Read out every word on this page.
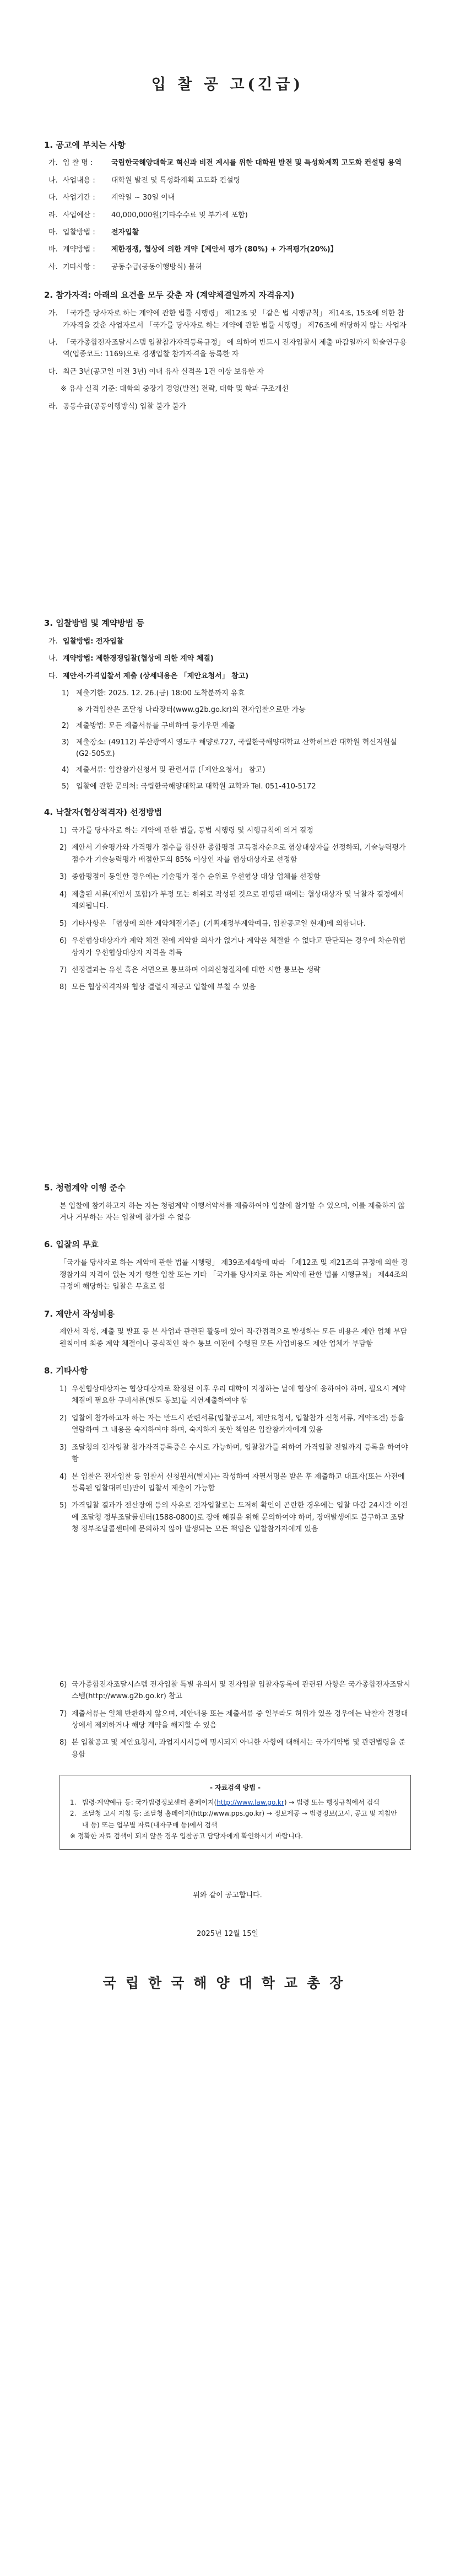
입 찰 공 고(긴급)
1. 공고에 부치는 사항
가. 입 찰 명 :	국립한국해양대학교 혁신과 비전 계시를 위한 대학원 발전 및 특성화계획 고도화 컨설팅 용역
나. 사업내용 :	대학원 발전 및 특성화계획 고도화 컨설팅
다. 사업기간 :	계약일 ~ 30일 이내
라. 사업예산 :	40,000,000원(기타수수료 및 부가세 포함)
마. 입찰방법 :	전자입찰
바. 계약방법 :	제한경쟁, 협상에 의한 계약【제안서 평가 (80%) + 가격평가(20%)】
사. 기타사항 :	공동수급(공동이행방식) 불허
2. 참가자격: 아래의 요건을 모두 갖춘 자 (계약체결일까지 자격유지)
가. 「국가를 당사자로 하는 계약에 관한 법률 시행령」 제12조 및 「같은 법 시행규칙」 제14조, 15조에 의한 참가자격을 갖춘 사업자로서 「국가를 당사자로 하는 계약에 관한 법률 시행령」 제76조에 해당하지 않는 사업자
나. 「국가종합전자조달시스템 입찰참가자격등록규정」 에 의하여 반드시 전자입찰서 제출 마감일까지 학술연구용역(업종코드: 1169)으로 경쟁입찰 참가자격을 등록한 자
다. 최근 3년(공고일 이전 3년) 이내 유사 실적을 1건 이상 보유한 자
※ 유사 실적 기준: 대학의 중장기 경영(발전) 전략, 대학 및 학과 구조개선
라. 공동수급(공동이행방식) 입찰 불가 불가
3. 입찰방법 및 계약방법 등
가. 입찰방법: 전자입찰
나. 계약방법: 제한경쟁입찰(협상에 의한 계약 체결)
다. 제안서·가격입찰서 제출 (상세내용은 「제안요청서」 참고)
1) 제출기한: 2025. 12. 26.(금) 18:00 도착분까지 유효
※ 가격입찰은 조달청 나라장터(www.g2b.go.kr)의 전자입찰으로만 가능
2) 제출방법: 모든 제출서류를 구비하여 등기우편 제출
3) 제출장소: (49112) 부산광역시 영도구 해양로727, 국립한국해양대학교 산학허브관 대학원 혁신지원실(G2-505호)
4) 제출서류: 입찰참가신청서 및 관련서류 (「제안요청서」 참고)
5) 입찰에 관한 문의처: 국립한국해양대학교 대학원 교학과 Tel. 051-410-5172
4. 낙찰자(협상적격자) 선정방법
1) 국가를 당사자로 하는 계약에 관한 법률, 동법 시행령 및 시행규칙에 의거 결정
2) 제안서 기술평가와 가격평가 점수를 합산한 종합평점 고득점자순으로 협상대상자를 선정하되, 기술능력평가 점수가 기술능력평가 배점한도의 85% 이상인 자를 협상대상자로 선정함
3) 종합평점이 동일한 경우에는 기술평가 점수 순위로 우선협상 대상 업체를 선정함
4) 제출된 서류(제안서 포함)가 부정 또는 허위로 작성된 것으로 판명된 때에는 협상대상자 및 낙찰자 결정에서 제외됩니다.
5) 기타사항은 「협상에 의한 계약체결기준」(기획재정부계약예규, 입찰공고일 현재)에 의합니다.
6) 우선협상대상자가 계약 체결 전에 계약할 의사가 없거나 계약을 체결할 수 없다고 판단되는 경우에 차순위협상자가 우선협상대상자 자격을 취득
7) 선정결과는 유선 혹은 서면으로 통보하며 이의신청절차에 대한 시한 통보는 생략
8) 모든 협상적격자와 협상 결렬시 재공고 입찰에 부칠 수 있음
5. 청렴계약 이행 준수
본 입찰에 참가하고자 하는 자는 청렴계약 이행서약서를 제출하여야 입찰에 참가할 수 있으며, 이를 제출하지 않거나 거부하는 자는 입찰에 참가할 수 없음
6. 입찰의 무효
「국가를 당사자로 하는 계약에 관한 법률 시행령」 제39조제4항에 따라 「제12조 및 제21조의 규정에 의한 경쟁참가의 자격이 없는 자가 행한 입찰 또는 기타 「국가를 당사자로 하는 계약에 관한 법률 시행규칙」 제44조의 규정에 해당하는 입찰은 무효로 함
7. 제안서 작성비용
제안서 작성, 제출 및 발표 등 본 사업과 관련된 활동에 있어 직·간접적으로 발생하는 모든 비용은 제안 업체 부담 원칙이며 최종 계약 체결이나 공식적인 착수 통보 이전에 수행된 모든 사업비용도 제안 업체가 부담함
8. 기타사항
1) 우선협상대상자는 협상대상자로 확정된 이후 우리 대학이 지정하는 날에 협상에 응하여야 하며, 필요시 계약 체결에 필요한 구비서류(별도 통보)를 지연제출하여야 함
2) 입찰에 참가하고자 하는 자는 반드시 관련서류(입찰공고서, 제안요청서, 입찰참가 신청서류, 계약조건) 등을 열람하여 그 내용을 숙지하여야 하며, 숙지하지 못한 책임은 입찰참가자에게 있음
3) 조달청의 전자입찰 참가자격등록증은 수시로 가능하며, 입찰참가를 위하여 가격입찰 전일까지 등록을 하여야 함
4) 본 입찰은 전자입찰 등 입찰서 신청원서(별지)는 작성하여 자필서명을 받은 후 제출하고 대표자(또는 사전에 등록된 입찰대리인)만이 입찰서 제출이 가능함
5) 가격입찰 결과가 전산장애 등의 사유로 전자입찰로는 도저히 확인이 곤란한 경우에는 입찰 마감 24시간 이전에 조달청 정부조달콜센터(1588-0800)로 장애 해결을 위해 문의하여야 하며, 장애발생에도 불구하고 조달청 정부조달콜센터에 문의하지 않아 발생되는 모든 책임은 입찰참가자에게 있음
6) 국가종합전자조달시스템 전자입찰 특별 유의서 및 전자입찰 입찰자동록에 관련된 사항은 국가종합전자조달시스템(http://www.g2b.go.kr) 참고
7) 제출서류는 일체 반환하지 않으며, 제안내용 또는 제출서류 중 일부라도 허위가 있을 경우에는 낙찰자 결정대상에서 제외하거나 해당 계약을 해지할 수 있음
8) 본 입찰공고 및 제안요청서, 과업지시서등에 명시되지 아니한 사항에 대해서는 국가계약법 및 관련법령을 준용함
- 자료검색 방법 -
1. 법령·계약예규 등: 국가법령정보센터 홈페이지(http://www.law.go.kr) → 법령 또는 행정규칙에서 검색
2. 조달청 고시 지침 등: 조달청 홈페이지(http://www.pps.go.kr) → 정보제공 → 법령정보(고시, 공고 및 지침안내 등) 또는 업무별 자료(내자구매 등)에서 검색
※ 정확한 자료 검색이 되지 않을 경우 입찰공고 담당자에게 확인하시기 바랍니다.
위와 같이 공고합니다.
2025년 12월 15일
국립한국해양대학교총장
